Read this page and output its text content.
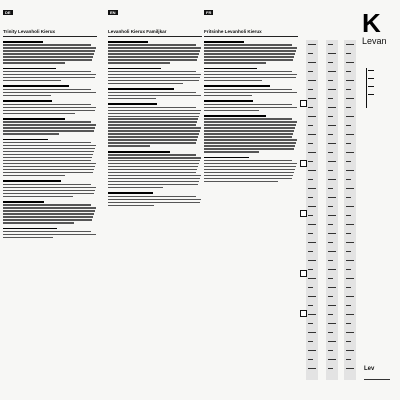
DE
Trinity Levanholi Kierux
EN
Levanholi Kierux Familjkar
FR
Fritsinhe Levanholi Kierux	K
Levan
Lev
